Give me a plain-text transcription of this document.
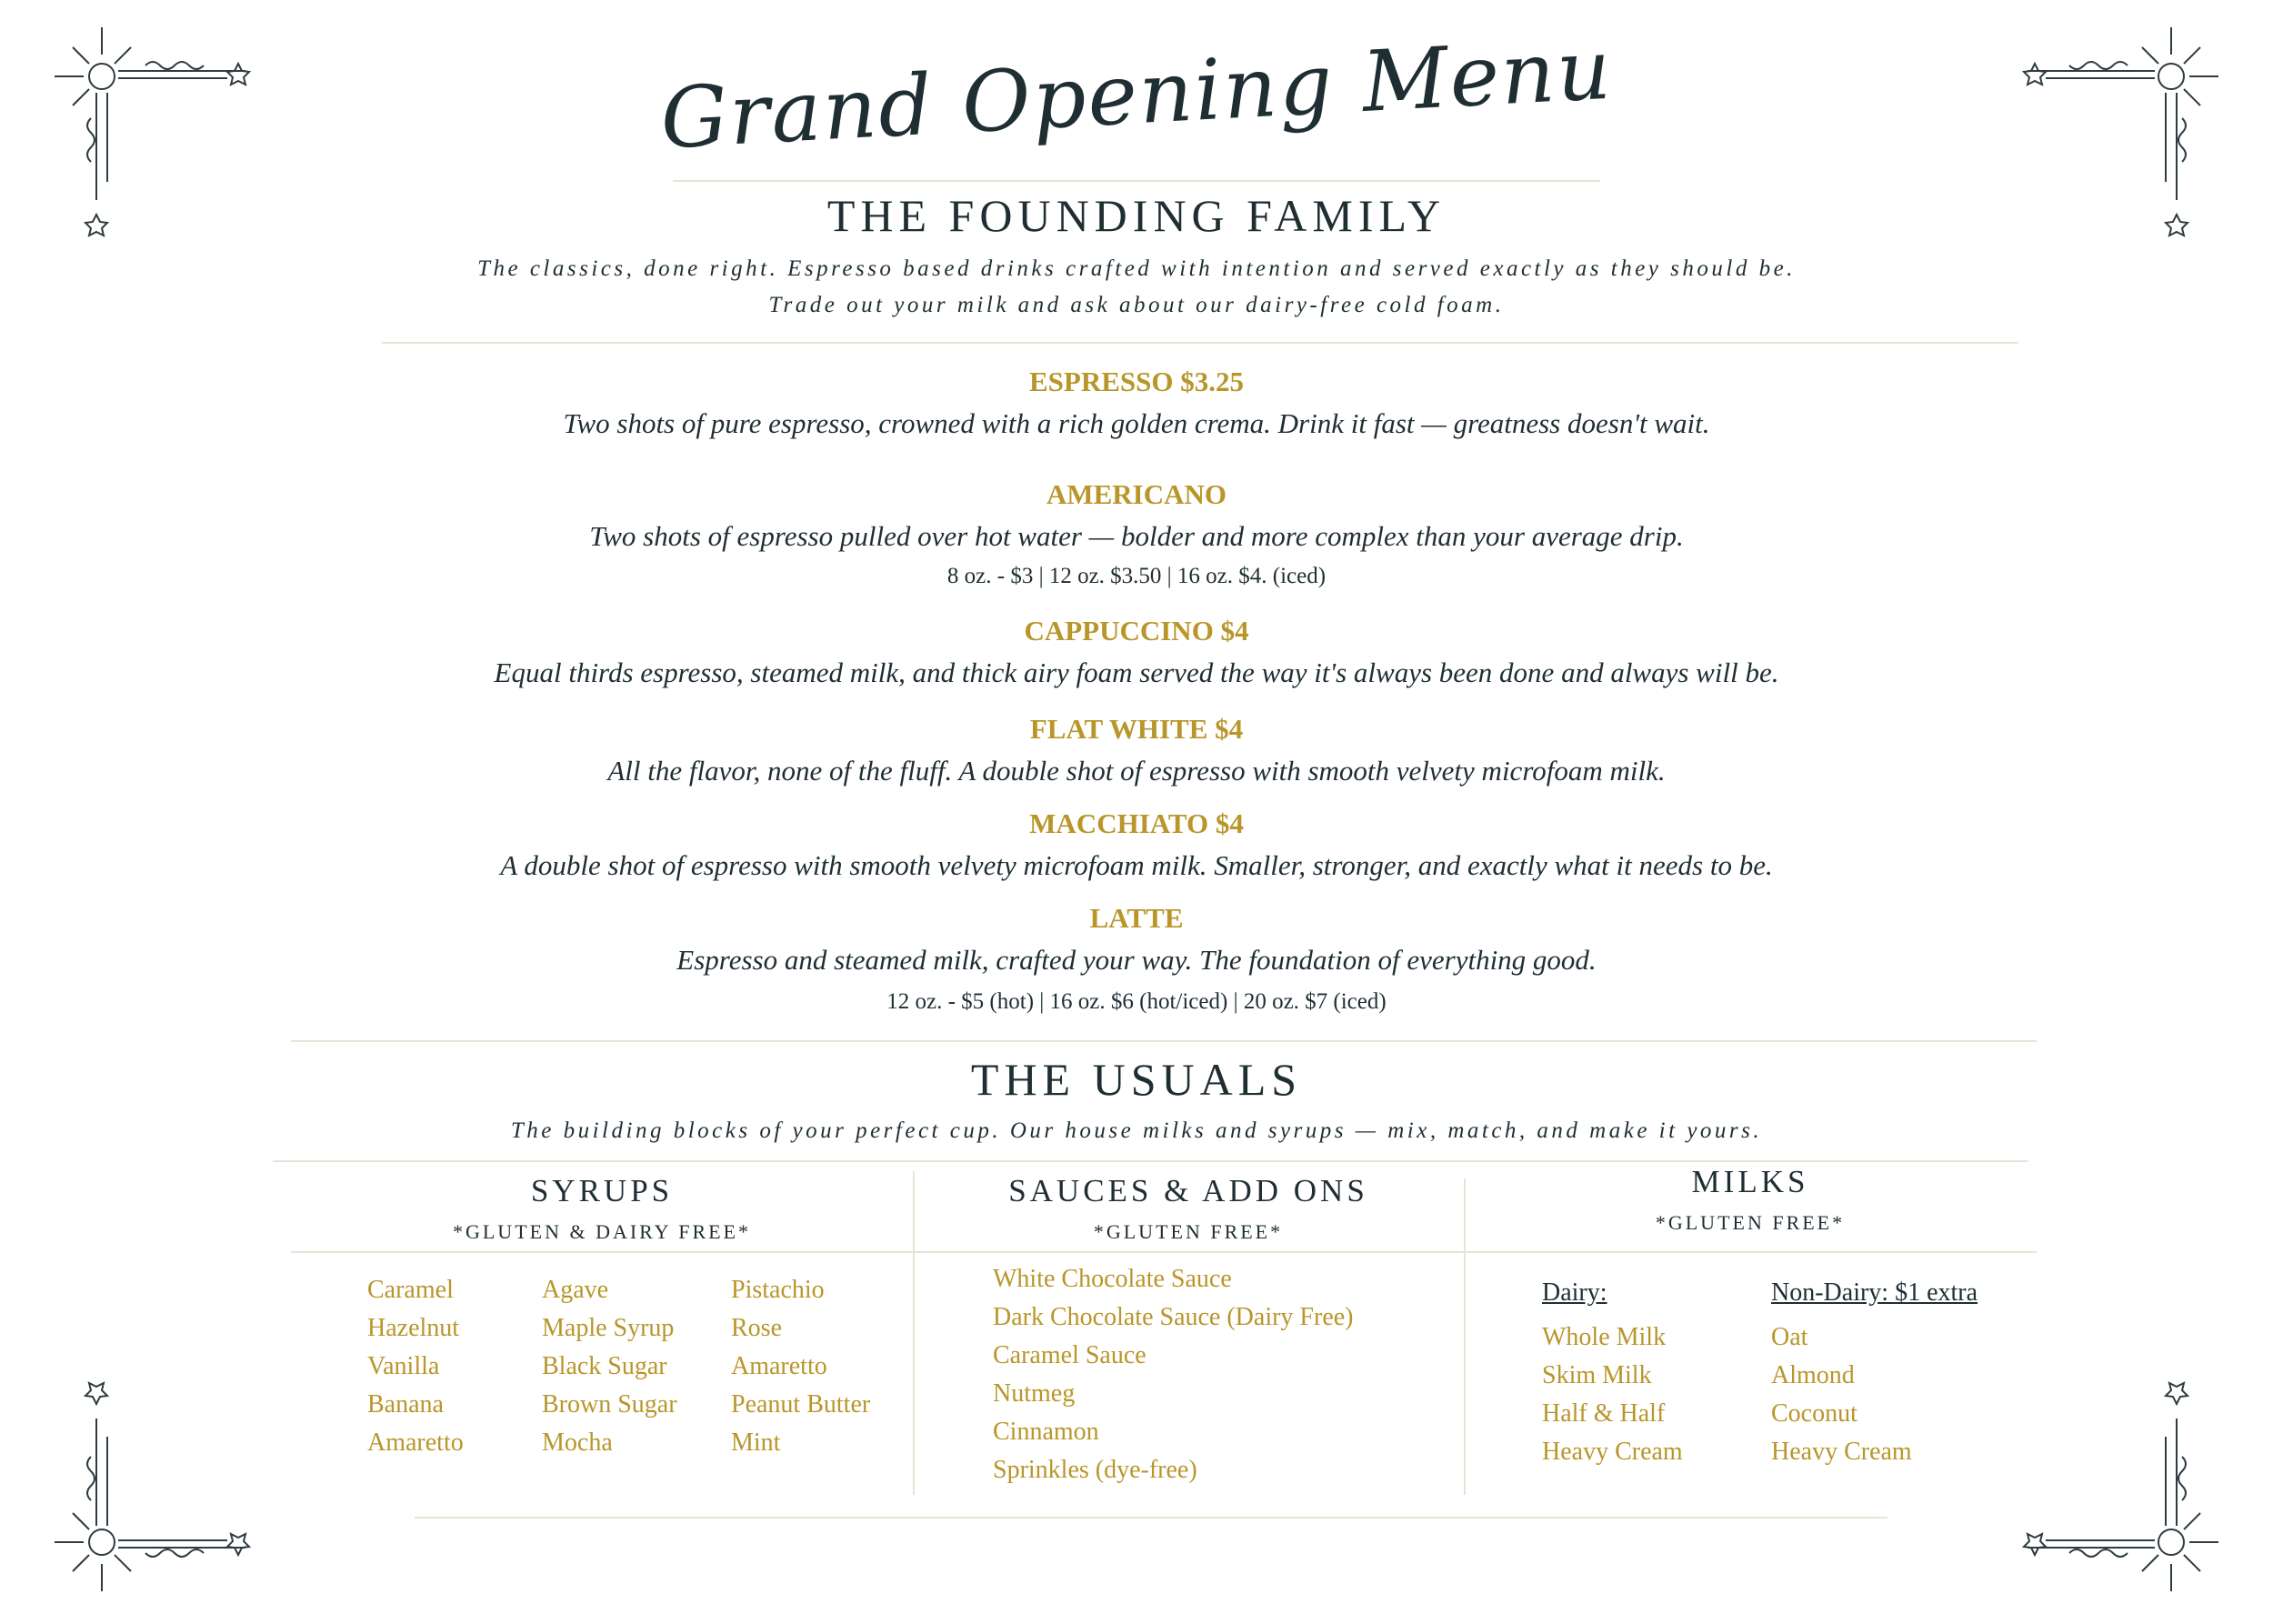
Grand Opening Menu
THE FOUNDING FAMILY
The classics, done right. Espresso based drinks crafted with intention and served exactly as they should be.
Trade out your milk and ask about our dairy-free cold foam.
ESPRESSO $3.25
Two shots of pure espresso, crowned with a rich golden crema. Drink it fast — greatness doesn't wait.
AMERICANO
Two shots of espresso pulled over hot water — bolder and more complex than your average drip.
8 oz. - $3 | 12 oz. $3.50 | 16 oz. $4. (iced)
CAPPUCCINO $4
Equal thirds espresso, steamed milk, and thick airy foam served the way it's always been done and always will be.
FLAT WHITE $4
All the flavor, none of the fluff. A double shot of espresso with smooth velvety microfoam milk.
MACCHIATO $4
A double shot of espresso with smooth velvety microfoam milk. Smaller, stronger, and exactly what it needs to be.
LATTE
Espresso and steamed milk, crafted your way. The foundation of everything good.
12 oz. - $5 (hot) | 16 oz. $6 (hot/iced) | 20 oz. $7 (iced)
THE USUALS
The building blocks of your perfect cup. Our house milks and syrups — mix, match, and make it yours.
SYRUPS
*GLUTEN & DAIRY FREE*
Caramel
Hazelnut
Vanilla
Banana
Amaretto
Agave
Maple Syrup
Black Sugar
Brown Sugar
Mocha
Pistachio
Rose
Amaretto
Peanut Butter
Mint
SAUCES & ADD ONS
*GLUTEN FREE*
White Chocolate Sauce
Dark Chocolate Sauce (Dairy Free)
Caramel Sauce
Nutmeg
Cinnamon
Sprinkles (dye-free)
MILKS
*GLUTEN FREE*
Dairy:
Whole Milk
Skim Milk
Half & Half
Heavy Cream
Non-Dairy: $1 extra
Oat
Almond
Coconut
Heavy Cream
